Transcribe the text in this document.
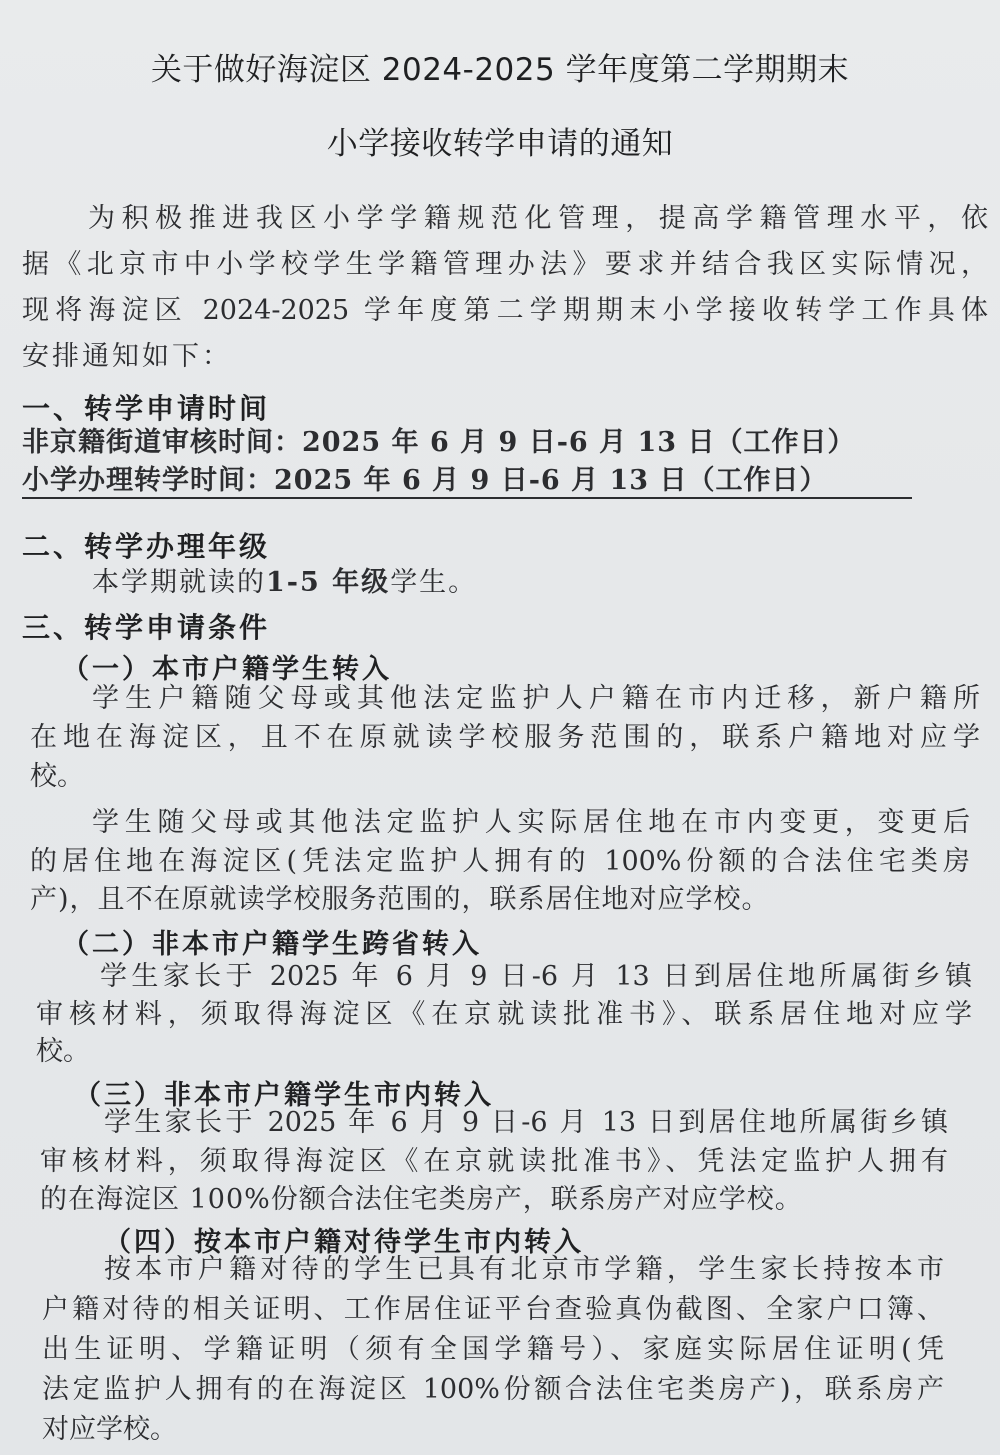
关于做好海淀区 2024-2025 学年度第二学期期末
小学接收转学申请的通知
为积极推进我区小学学籍规范化管理，提高学籍管理水平，依
据《北京市中小学校学生学籍管理办法》要求并结合我区实际情况，
现将海淀区 2024-2025 学年度第二学期期末小学接收转学工作具体
安排通知如下：
一、转学申请时间
非京籍街道审核时间：2025 年 6 月 9 日-6 月 13 日（工作日）
小学办理转学时间：2025 年 6 月 9 日-6 月 13 日（工作日）
二、转学办理年级
本学期就读的1-5 年级学生。
三、转学申请条件
（一）本市户籍学生转入
学生户籍随父母或其他法定监护人户籍在市内迁移，新户籍所
在地在海淀区，且不在原就读学校服务范围的，联系户籍地对应学
校。
学生随父母或其他法定监护人实际居住地在市内变更，变更后
的居住地在海淀区(凭法定监护人拥有的 100%份额的合法住宅类房
产)，且不在原就读学校服务范围的，联系居住地对应学校。
（二）非本市户籍学生跨省转入
学生家长于 2025 年 6 月 9 日-6 月 13 日到居住地所属街乡镇
审核材料，须取得海淀区《在京就读批准书》、联系居住地对应学
校。
（三）非本市户籍学生市内转入
学生家长于 2025 年 6 月 9 日-6 月 13 日到居住地所属街乡镇
审核材料，须取得海淀区《在京就读批准书》、凭法定监护人拥有
的在海淀区 100%份额合法住宅类房产，联系房产对应学校。
（四）按本市户籍对待学生市内转入
按本市户籍对待的学生已具有北京市学籍，学生家长持按本市
户籍对待的相关证明、工作居住证平台查验真伪截图、全家户口簿、
出生证明、学籍证明（须有全国学籍号）、家庭实际居住证明(凭
法定监护人拥有的在海淀区 100%份额合法住宅类房产)，联系房产
对应学校。
